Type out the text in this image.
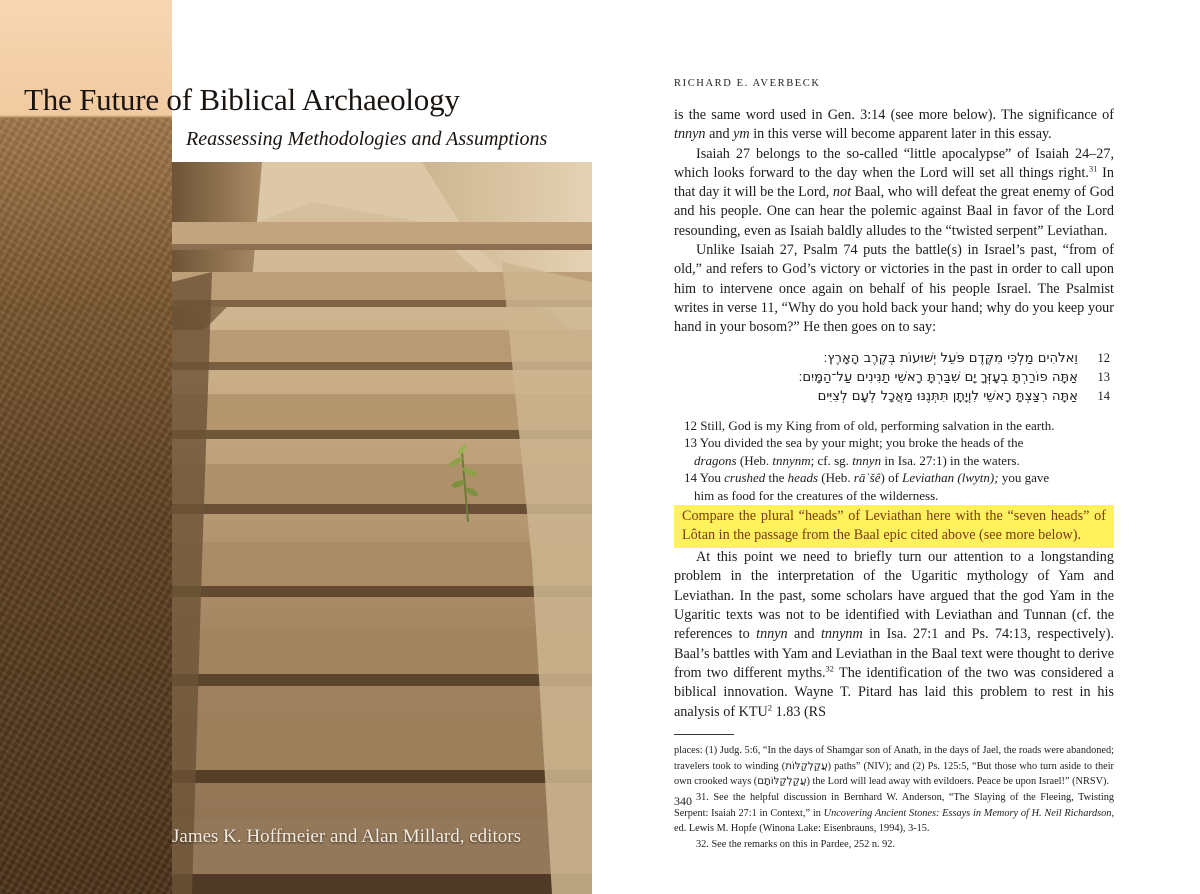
The Future of Biblical Archaeology
Reassessing Methodologies and Assumptions
James K. Hoffmeier and Alan Millard, editors
RICHARD E. AVERBECK

is the same word used in Gen. 3:14 (see more below). The significance of tnnyn and ym in this verse will become apparent later in this essay.

Isaiah 27 belongs to the so-called “little apocalypse” of Isaiah 24–27, which looks forward to the day when the Lord will set all things right.$^{31}$ In that day it will be the Lord, not Baal, who will defeat the great enemy of God and his people. One can hear the polemic against Baal in favor of the Lord resounding, even as Isaiah baldly alludes to the “twisted serpent” Leviathan.

Unlike Isaiah 27, Psalm 74 puts the battle(s) in Israel’s past, “from of old,” and refers to God’s victory or victories in the past in order to call upon him to intervene once again on behalf of his people Israel. The Psalmist writes in verse 11, “Why do you hold back your hand; why do you keep your hand in your bosom?” He then goes on to say:

וֵאלֹהִים מַלְכִּי מִקֶּדֶם פֹּעֵל יְשׁוּעוֹת בְּקֶרֶב הָאָרֶץ׃	12
אַתָּה פוֹרַרְתָּ בְעָזְּךָ יָם שִׁבַּרְתָּ רָאשֵׁי תַנִּינִים עַל־הַמָּיִם׃	13
אַתָּה רִצַּצְתָּ רָאשֵׁי לִוְיָתָן תִּתְּנֶנּוּ מַאֲכָל לְעָם לְצִיִּים	14

12 Still, God is my King from of old, performing salvation in the earth.

13 You divided the sea by your might; you broke the heads of the

dragons (Heb. tnnynm; cf. sg. tnnyn in Isa. 27:1) in the waters.

14 You crushed the heads (Heb. rāʾšê) of Leviathan (lwytn); you gave

him as food for the creatures of the wilderness.

Compare the plural “heads” of Leviathan here with the “seven heads” of Lôtan in the passage from the Baal epic cited above (see more below).

At this point we need to briefly turn our attention to a longstanding problem in the interpretation of the Ugaritic mythology of Yam and Leviathan. In the past, some scholars have argued that the god Yam in the Ugaritic texts was not to be identified with Leviathan and Tunnan (cf. the references to tnnyn and tnnynm in Isa. 27:1 and Ps. 74:13, respectively). Baal’s battles with Yam and Leviathan in the Baal text were thought to derive from two different myths.$^{32}$ The identification of the two was considered a biblical innovation. Wayne T. Pitard has laid this problem to rest in his analysis of KTU$^2$ 1.83 (RS

places: (1) Judg. 5:6, “In the days of Shamgar son of Anath, in the days of Jael, the roads were abandoned; travelers took to winding (עֲקַלְקַלּוֹת) paths” (NIV); and (2) Ps. 125:5, “But those who turn aside to their own crooked ways (עֲקַלְקַלּוֹתָם) the Lord will lead away with evildoers. Peace be upon Israel!” (NRSV).

31. See the helpful discussion in Bernhard W. Anderson, “The Slaying of the Fleeing, Twisting Serpent: Isaiah 27:1 in Context,” in Uncovering Ancient Stones: Essays in Memory of H. Neil Richardson, ed. Lewis M. Hopfe (Winona Lake: Eisenbrauns, 1994), 3-15.

32. See the remarks on this in Pardee, 252 n. 92.

340
